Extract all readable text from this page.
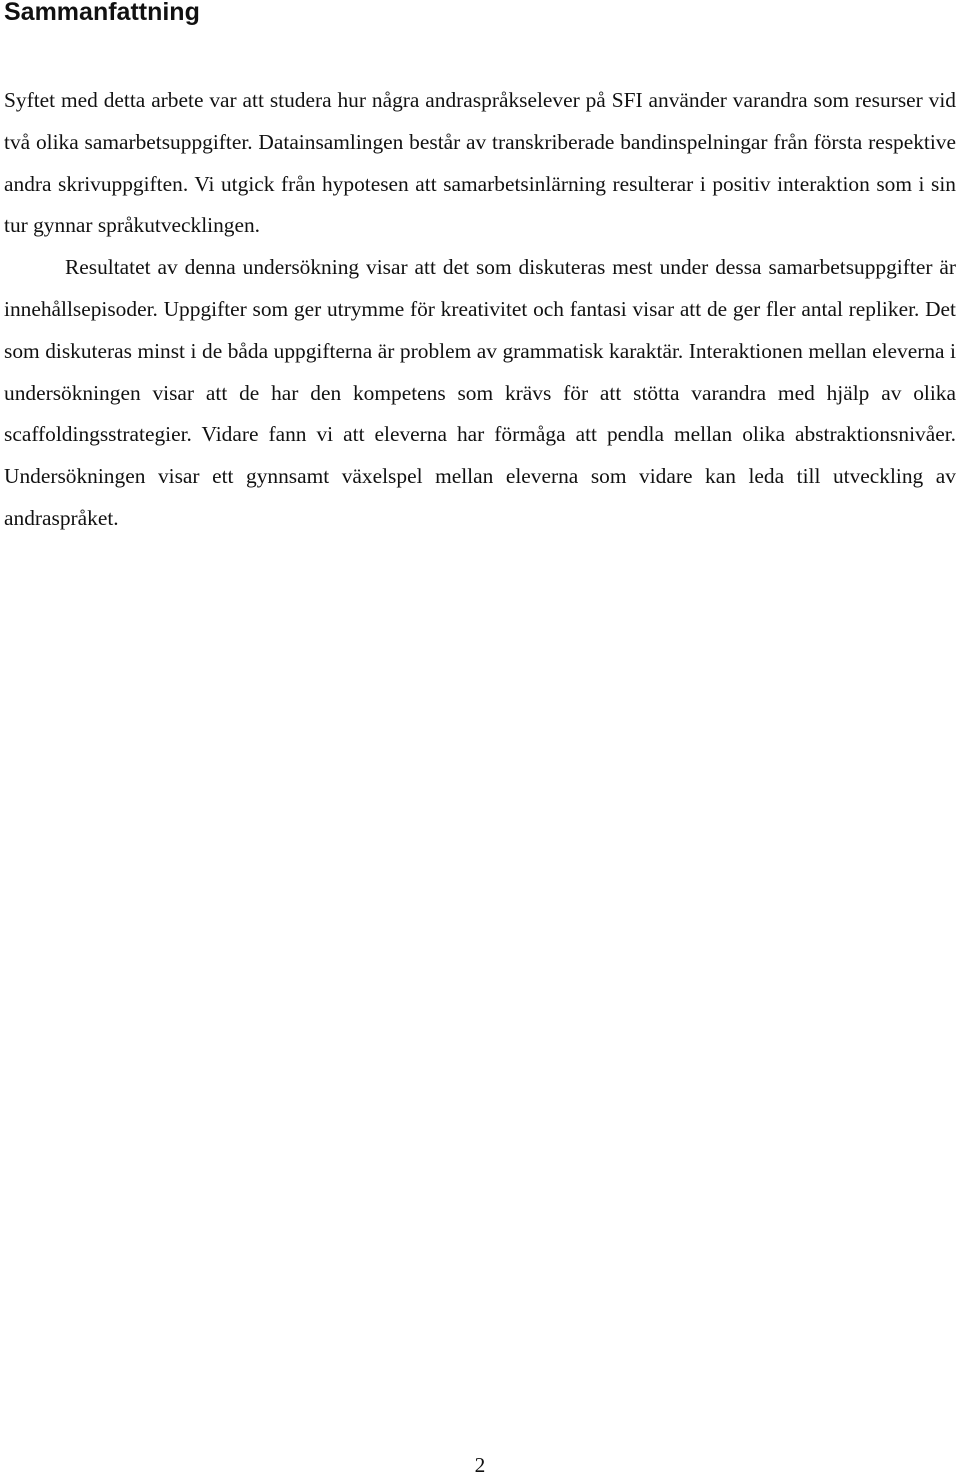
Sammanfattning
Syftet med detta arbete var att studera hur några andraspråkselever på SFI använder varandra som resurser vid två olika samarbetsuppgifter. Datainsamlingen består av transkriberade bandinspelningar från första respektive andra skrivuppgiften. Vi utgick från hypotesen att samarbetsinlärning resulterar i positiv interaktion som i sin tur gynnar språkutvecklingen.
Resultatet av denna undersökning visar att det som diskuteras mest under dessa samarbetsuppgifter är innehållsepisoder. Uppgifter som ger utrymme för kreativitet och fantasi visar att de ger fler antal repliker. Det som diskuteras minst i de båda uppgifterna är problem av grammatisk karaktär. Interaktionen mellan eleverna i undersökningen visar att de har den kompetens som krävs för att stötta varandra med hjälp av olika scaffoldingsstrategier. Vidare fann vi att eleverna har förmåga att pendla mellan olika abstraktionsnivåer. Undersökningen visar ett gynnsamt växelspel mellan eleverna som vidare kan leda till utveckling av andraspråket.
2
